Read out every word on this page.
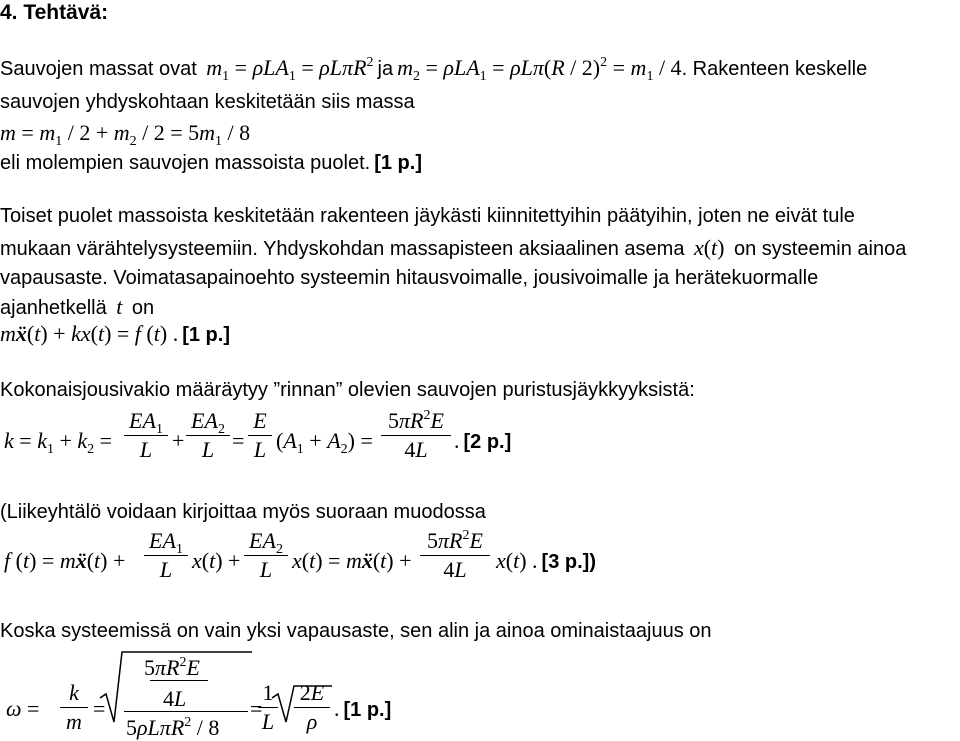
4. Tehtävä:
Sauvojen massat ovat $m_1 = \rho LA_1 = \rho L\pi R^2$ ja $m_2 = \rho LA_1 = \rho L\pi(R / 2)^2 = m_1 / 4$. Rakenteen keskelle
sauvojen yhdyskohtaan keskitetään siis massa
$m = m_1 / 2 + m_2 / 2 = 5m_1 / 8$
eli molempien sauvojen massoista puolet. [1 p.]
Toiset puolet massoista keskitetään rakenteen jäykästi kiinnitettyihin päätyihin, joten ne eivät tule
mukaan värähtelysysteemiin. Yhdyskohdan massapisteen aksiaalinen asema x(t)  on systeemin ainoa
vapausaste. Voimatasapainoehto systeemin hitausvoimalle, jousivoimalle ja herätekuormalle
ajanhetkellä t on
mẍ(t) + kx(t) = f (t) . [1 p.]
Kokonaisjousivakio määräytyy ”rinnan” olevien sauvojen puristusjäykkyyksistä:
$k = k_1 + k_2$ =
$EA_1$
L +
$EA_2$
L =
E
L $(A_1 + A_2)$ =
$5\pi R^2E$
4L	. [2 p.]
(Liikeyhtälö voidaan kirjoittaa myös suoraan muodossa
f (t) = mẍ(t) +
$EA_1$
L x(t) +
$EA_2$
L x(t) = mẍ(t) +
$5\pi R^2E$
4L	x(t) . [3 p.])
Koska systeemissä on vain yksi vapausaste, sen alin ja ainoa ominaistaajuus on
ω =
k
m
=
$5\pi R^2E$
4L
5ρLπR$^2$ / 8
=
1
L
2E
ρ
. [1 p.]
